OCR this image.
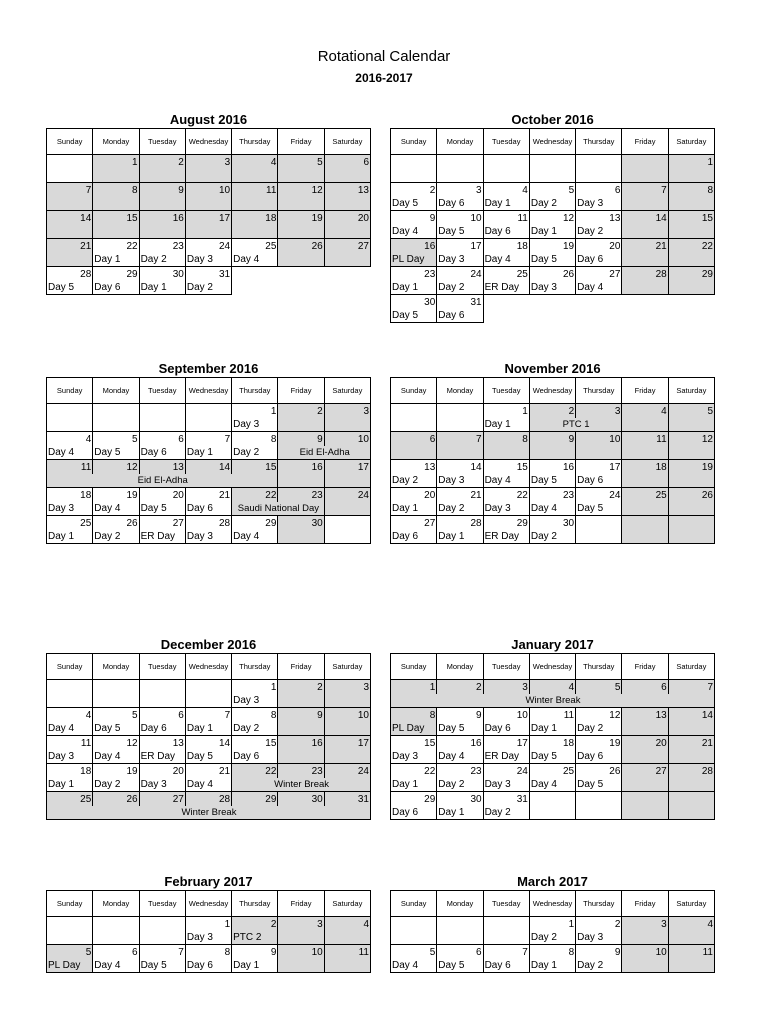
Rotational Calendar
2016-2017
August 2016
Sunday	Monday	Tuesday	Wednesday	Thursday	Friday	Saturday
	1	2	3	4	5	6

7	8	9	10	11	12	13

14	15	16	17	18	19	20

21	22	23	24	25	26	27
	Day 1	Day 2	Day 3	Day 4		
28	29	30	31			
Day 5	Day 6	Day 1	Day 2			
October 2016
Sunday	Monday	Tuesday	Wednesday	Thursday	Friday	Saturday
						1

2	3	4	5	6	7	8
Day 5	Day 6	Day 1	Day 2	Day 3		
9	10	11	12	13	14	15
Day 4	Day 5	Day 6	Day 1	Day 2		
16	17	18	19	20	21	22
PL Day	Day 3	Day 4	Day 5	Day 6		
23	24	25	26	27	28	29
Day 1	Day 2	ER Day	Day 3	Day 4		
30	31					
Day 5	Day 6					
September 2016
Sunday	Monday	Tuesday	Wednesday	Thursday	Friday	Saturday
				1	2	3
				Day 3		
4	5	6	7	8	9	10
Day 4	Day 5	Day 6	Day 1	Day 2	Eid El-Adha	
11	12	13	14	15	16	17
Eid El-Adha						
18	19	20	21	22	23	24
Day 3	Day 4	Day 5	Day 6	Saudi National Day		
25	26	27	28	29	30	
Day 1	Day 2	ER Day	Day 3	Day 4		
November 2016
Sunday	Monday	Tuesday	Wednesday	Thursday	Friday	Saturday
		1	2	3	4	5
		Day 1	PTC 1			
6	7	8	9	10	11	12

13	14	15	16	17	18	19
Day 2	Day 3	Day 4	Day 5	Day 6		
20	21	22	23	24	25	26
Day 1	Day 2	Day 3	Day 4	Day 5		
27	28	29	30			
Day 6	Day 1	ER Day	Day 2			
December 2016
Sunday	Monday	Tuesday	Wednesday	Thursday	Friday	Saturday
				1	2	3
				Day 3		
4	5	6	7	8	9	10
Day 4	Day 5	Day 6	Day 1	Day 2		
11	12	13	14	15	16	17
Day 3	Day 4	ER Day	Day 5	Day 6		
18	19	20	21	22	23	24
Day 1	Day 2	Day 3	Day 4	Winter Break		
25	26	27	28	29	30	31
Winter Break						
January 2017
Sunday	Monday	Tuesday	Wednesday	Thursday	Friday	Saturday
1	2	3	4	5	6	7
Winter Break						
8	9	10	11	12	13	14
PL Day	Day 5	Day 6	Day 1	Day 2		
15	16	17	18	19	20	21
Day 3	Day 4	ER Day	Day 5	Day 6		
22	23	24	25	26	27	28
Day 1	Day 2	Day 3	Day 4	Day 5		
29	30	31				
Day 6	Day 1	Day 2				
February 2017
Sunday	Monday	Tuesday	Wednesday	Thursday	Friday	Saturday
			1	2	3	4
			Day 3	PTC 2		
5	6	7	8	9	10	11
PL Day	Day 4	Day 5	Day 6	Day 1		
March 2017
Sunday	Monday	Tuesday	Wednesday	Thursday	Friday	Saturday
			1	2	3	4
			Day 2	Day 3		
5	6	7	8	9	10	11
Day 4	Day 5	Day 6	Day 1	Day 2		
